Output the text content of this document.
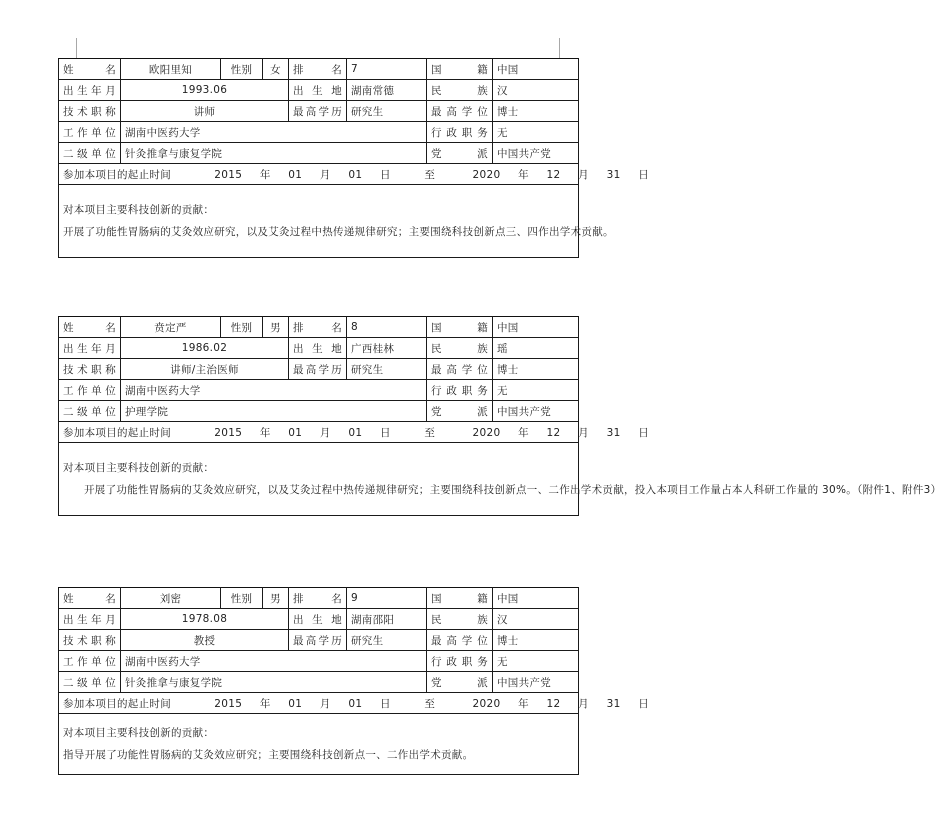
姓　　名	欧阳里知	性别	女	排　　名	7	国　　籍	中国
出生年月	1993.06			出 生 地	湖南常德	民　　族	汉
技术职称	讲师			最高学历	研究生	最高学位	博士
工作单位	湖南中医药大学					行政职务	无
二级单位	针灸推拿与康复学院					党　　派	中国共产党
参加本项目的起止时间 2015 年 01 月 01 日 至 2020 年 12 月 31 日							

对本项目主要科技创新的贡献：

开展了功能性胃肠病的艾灸效应研究，以及艾灸过程中热传递规律研究；主要围绕科技创新点三、四作出学术贡献。							

姓　　名	贲定严	性别	男	排　　名	8	国　　籍	中国
出生年月	1986.02			出 生 地	广西桂林	民　　族	瑶
技术职称	讲师/主治医师			最高学历	研究生	最高学位	博士
工作单位	湖南中医药大学					行政职务	无
二级单位	护理学院					党　　派	中国共产党
参加本项目的起止时间 2015 年 01 月 01 日 至 2020 年 12 月 31 日							

对本项目主要科技创新的贡献：

开展了功能性胃肠病的艾灸效应研究，以及艾灸过程中热传递规律研究；主要围绕科技创新点一、二作出学术贡献，投入本项目工作量占本人科研工作量的 30%。（附件1、附件3）							

姓　　名	刘密	性别	男	排　　名	9	国　　籍	中国
出生年月	1978.08			出 生 地	湖南邵阳	民　　族	汉
技术职称	教授			最高学历	研究生	最高学位	博士
工作单位	湖南中医药大学					行政职务	无
二级单位	针灸推拿与康复学院					党　　派	中国共产党
参加本项目的起止时间 2015 年 01 月 01 日 至 2020 年 12 月 31 日							

对本项目主要科技创新的贡献：

指导开展了功能性胃肠病的艾灸效应研究；主要围绕科技创新点一、二作出学术贡献。							
